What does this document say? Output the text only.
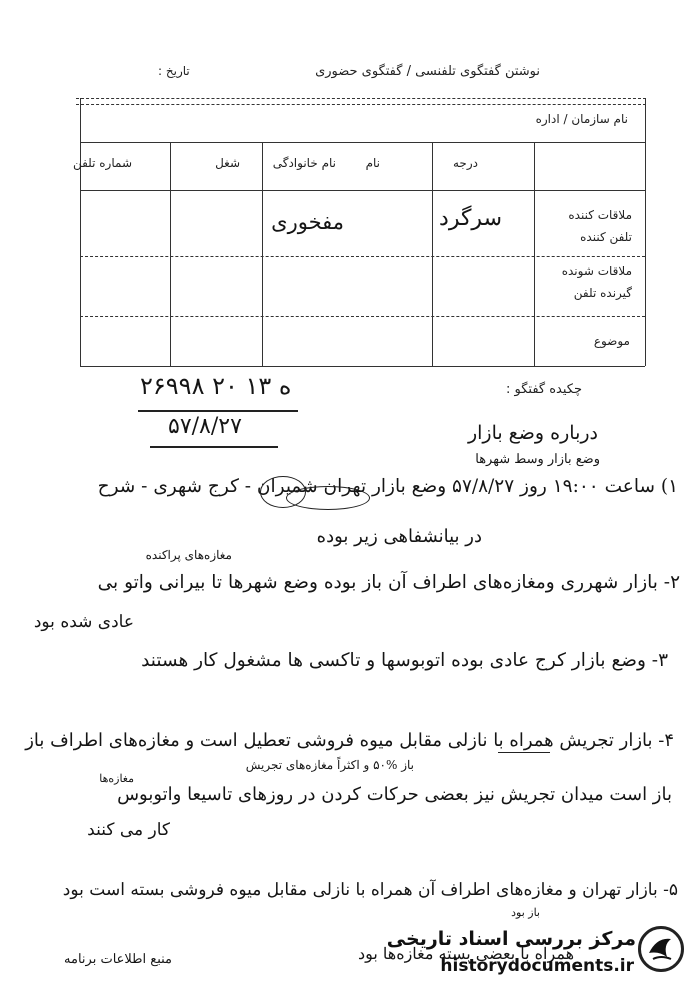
نوشتن گفتگوی تلفنسی / گفتگوی حضوری
تاریخ :
نام سازمان / اداره
درجه
نام
نام خانوادگی
شغل
شماره تلفن
ملاقات کننده
تلفن کننده
سرگرد
مفخوری
ملاقات شونده
گیرنده تلفن
موضوع
چکیده گفتگو :
۲۶۹۹۸ ۲۰ ه ۱۳
۵۷/۸/۲۷	درباره وضع بازار
وضع بازار وسط شهرها
۱) ساعت ۱۹:۰۰ روز ۵۷/۸/۲۷ وضع بازار تهران شمیران - کرج شهری - شرح
در بیانشفاهی زیر بوده
مغازه‌های پراکنده
۲- بازار شهرری ومغازه‌های اطراف آن باز بوده وضع شهرها تا بیرانی واتو بی
عادی شده بود
۳- وضع بازار کرج عادی بوده اتوبوسها و تاکسی ها مشغول کار هستند
۴- بازار تجریش همراه با نازلی مقابل میوه فروشی تعطیل است و مغازه‌های اطراف باز
باز %۵۰ و اکثراً مغازه‌های تجریش
مغازه‌ها
باز است میدان تجریش نیز بعضی حرکات کردن در روزهای تاسیعا واتوبوس
کار می کنند
۵- بازار تهران و مغازه‌های اطراف آن همراه با نازلی مقابل میوه فروشی بسته است بود
باز بود
همراه با بعضی بسته مغازه‌ها بود
منبع اطلاعات برنامه
مرکز بررسی اسناد تاریخی
historydocuments.ir
